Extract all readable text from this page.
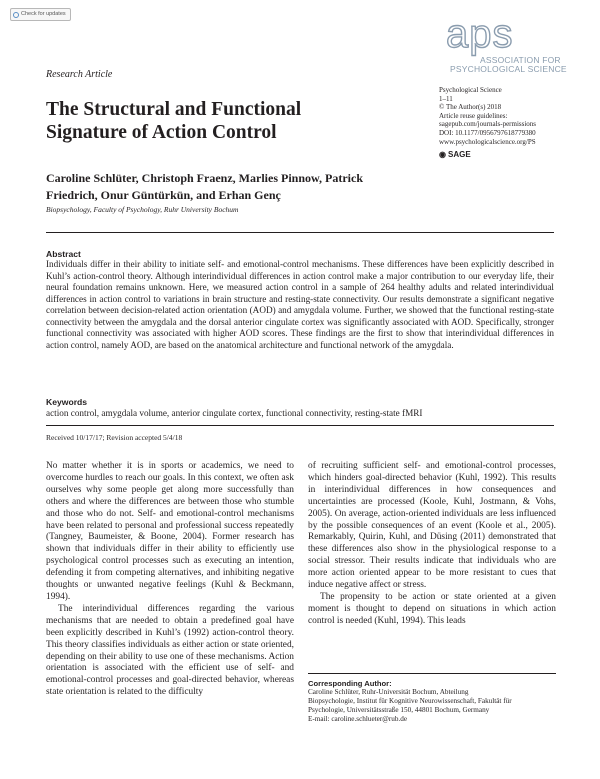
Check for updates	aps
ASSOCIATION FOR
PSYCHOLOGICAL SCIENCE
Research Article
The Structural and Functional Signature of Action Control
Psychological Science
1–11
© The Author(s) 2018
Article reuse guidelines:
sagepub.com/journals-permissions
DOI: 10.1177/0956797618779380
www.psychologicalscience.org/PS
◉ SAGE
Caroline Schlüter, Christoph Fraenz, Marlies Pinnow, Patrick Friedrich, Onur Güntürkün, and Erhan Genç
Biopsychology, Faculty of Psychology, Ruhr University Bochum
Abstract
Individuals differ in their ability to initiate self- and emotional-control mechanisms. These differences have been explicitly described in Kuhl’s action-control theory. Although interindividual differences in action control make a major contribution to our everyday life, their neural foundation remains unknown. Here, we measured action control in a sample of 264 healthy adults and related interindividual differences in action control to variations in brain structure and resting-state connectivity. Our results demonstrate a significant negative correlation between decision-related action orientation (AOD) and amygdala volume. Further, we showed that the functional resting-state connectivity between the amygdala and the dorsal anterior cingulate cortex was significantly associated with AOD. Specifically, stronger functional connectivity was associated with higher AOD scores. These findings are the first to show that interindividual differences in action control, namely AOD, are based on the anatomical architecture and functional network of the amygdala.
Keywords
action control, amygdala volume, anterior cingulate cortex, functional connectivity, resting-state fMRI
Received 10/17/17; Revision accepted 5/4/18

No matter whether it is in sports or academics, we need to overcome hurdles to reach our goals. In this context, we often ask ourselves why some people get along more successfully than others and where the differences are between those who stumble and those who do not. Self- and emotional-control mechanisms have been related to personal and professional success repeatedly (Tangney, Baumeister, & Boone, 2004). Former research has shown that individuals differ in their ability to efficiently use psychological control processes such as executing an intention, defending it from competing alternatives, and inhibiting negative thoughts or unwanted negative feelings (Kuhl & Beckmann, 1994).

The interindividual differences regarding the various mechanisms that are needed to obtain a predefined goal have been explicitly described in Kuhl’s (1992) action-control theory. This theory classifies individuals as either action or state oriented, depending on their ability to use one of these mechanisms. Action orientation is associated with the efficient use of self- and emotional-control processes and goal-directed behavior, whereas state orientation is related to the difficulty

of recruiting sufficient self- and emotional-control processes, which hinders goal-directed behavior (Kuhl, 1992). This results in interindividual differences in how consequences and uncertainties are processed (Koole, Kuhl, Jostmann, & Vohs, 2005). On average, action-oriented individuals are less influenced by the possible consequences of an event (Koole et al., 2005). Remarkably, Quirin, Kuhl, and Düsing (2011) demonstrated that these differences also show in the physiological response to a social stressor. Their results indicate that individuals who are more action oriented appear to be more resistant to cues that induce negative affect or stress.

The propensity to be action or state oriented at a given moment is thought to depend on situations in which action control is needed (Kuhl, 1994). This leads

Corresponding Author:
Caroline Schlüter, Ruhr-Universität Bochum, Abteilung
Biopsychologie, Institut für Kognitive Neurowissenschaft, Fakultät für
Psychologie, Universitätsstraße 150, 44801 Bochum, Germany
E-mail: caroline.schlueter@rub.de
